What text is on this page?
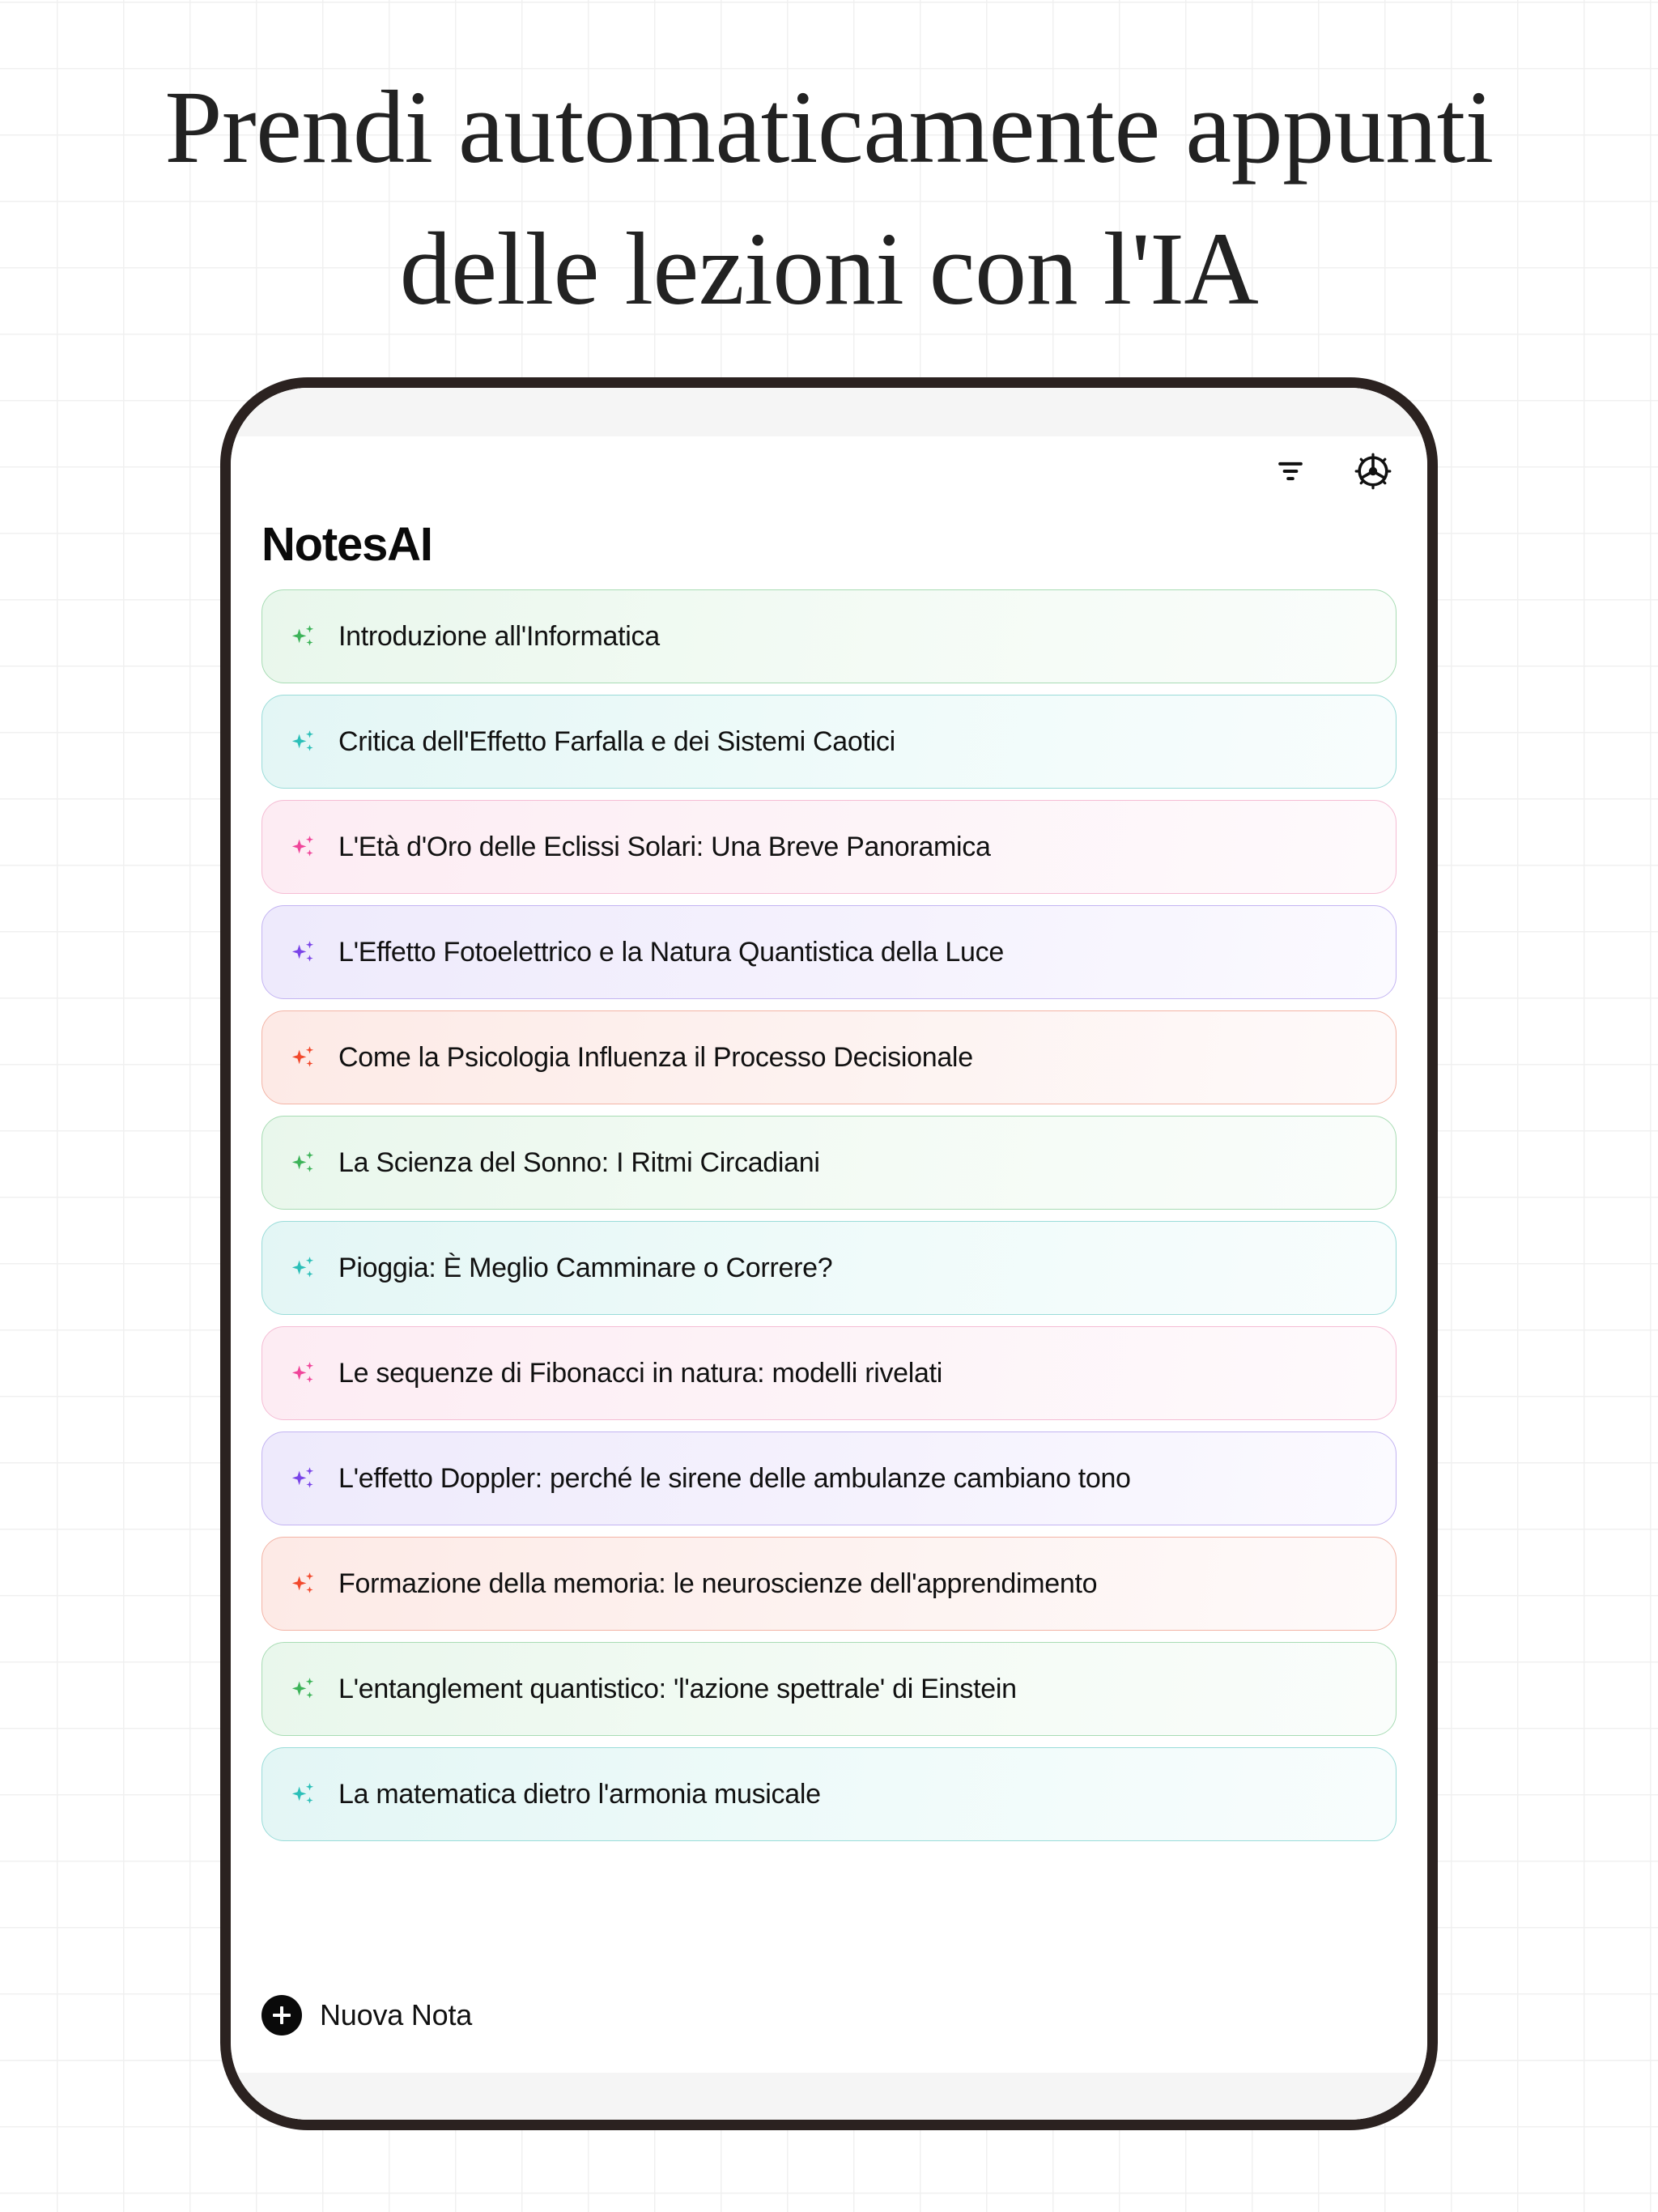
Prendi automaticamente appunti
delle lezioni con l'IA
NotesAI
Introduzione all'Informatica
Critica dell'Effetto Farfalla e dei Sistemi Caotici
L'Età d'Oro delle Eclissi Solari: Una Breve Panoramica
L'Effetto Fotoelettrico e la Natura Quantistica della Luce
Come la Psicologia Influenza il Processo Decisionale
La Scienza del Sonno: I Ritmi Circadiani
Pioggia: È Meglio Camminare o Correre?
Le sequenze di Fibonacci in natura: modelli rivelati
L'effetto Doppler: perché le sirene delle ambulanze cambiano tono
Formazione della memoria: le neuroscienze dell'apprendimento
L'entanglement quantistico: 'l'azione spettrale' di Einstein
La matematica dietro l'armonia musicale
Nuova Nota
